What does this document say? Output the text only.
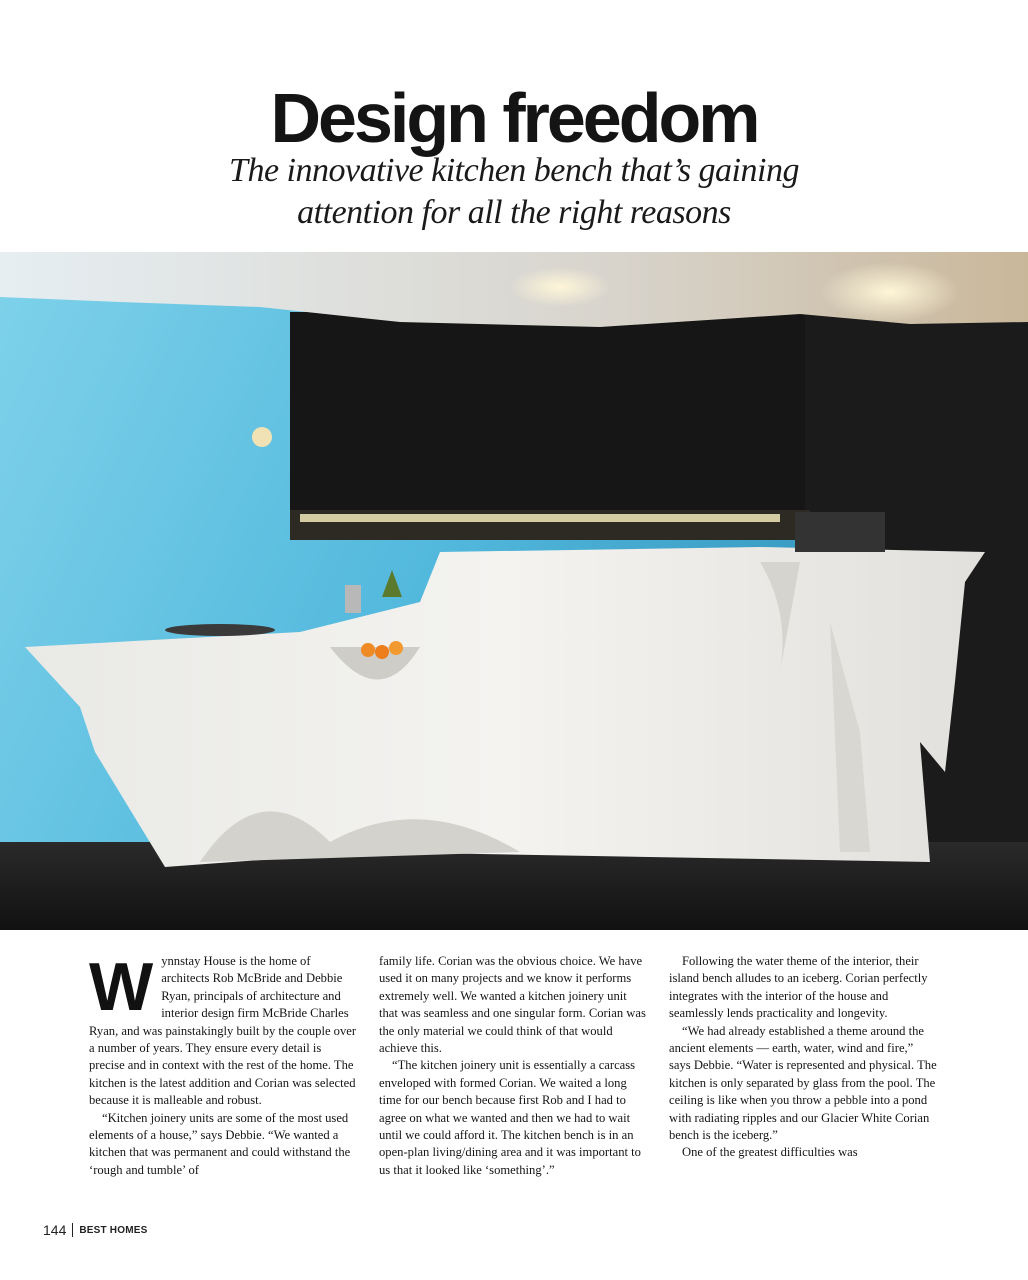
Design freedom
The innovative kitchen bench that’s gaining attention for all the right reasons
W ynnstay House is the home of architects Rob McBride and Debbie Ryan, principals of architecture and interior design firm McBride Charles Ryan, and was painstakingly built by the couple over a number of years. They ensure every detail is precise and in context with the rest of the home. The kitchen is the latest addition and Corian was selected because it is malleable and robust.

“Kitchen joinery units are some of the most used elements of a house,” says Debbie. “We wanted a kitchen that was permanent and could withstand the ‘rough and tumble’ of

family life. Corian was the obvious choice. We have used it on many projects and we know it performs extremely well. We wanted a kitchen joinery unit that was seamless and one singular form. Corian was the only material we could think of that would achieve this.

“The kitchen joinery unit is essentially a carcass enveloped with formed Corian. We waited a long time for our bench because first Rob and I had to agree on what we wanted and then we had to wait until we could afford it. The kitchen bench is in an open-plan living/dining area and it was important to us that it looked like ‘something’.”

Following the water theme of the interior, their island bench alludes to an iceberg. Corian perfectly integrates with the interior of the house and seamlessly lends practicality and longevity.

“We had already established a theme around the ancient elements — earth, water, wind and fire,” says Debbie. “Water is represented and physical. The kitchen is only separated by glass from the pool. The ceiling is like when you throw a pebble into a pond with radiating ripples and our Glacier White Corian bench is the iceberg.”

One of the greatest difficulties was

144 BEST HOMES
